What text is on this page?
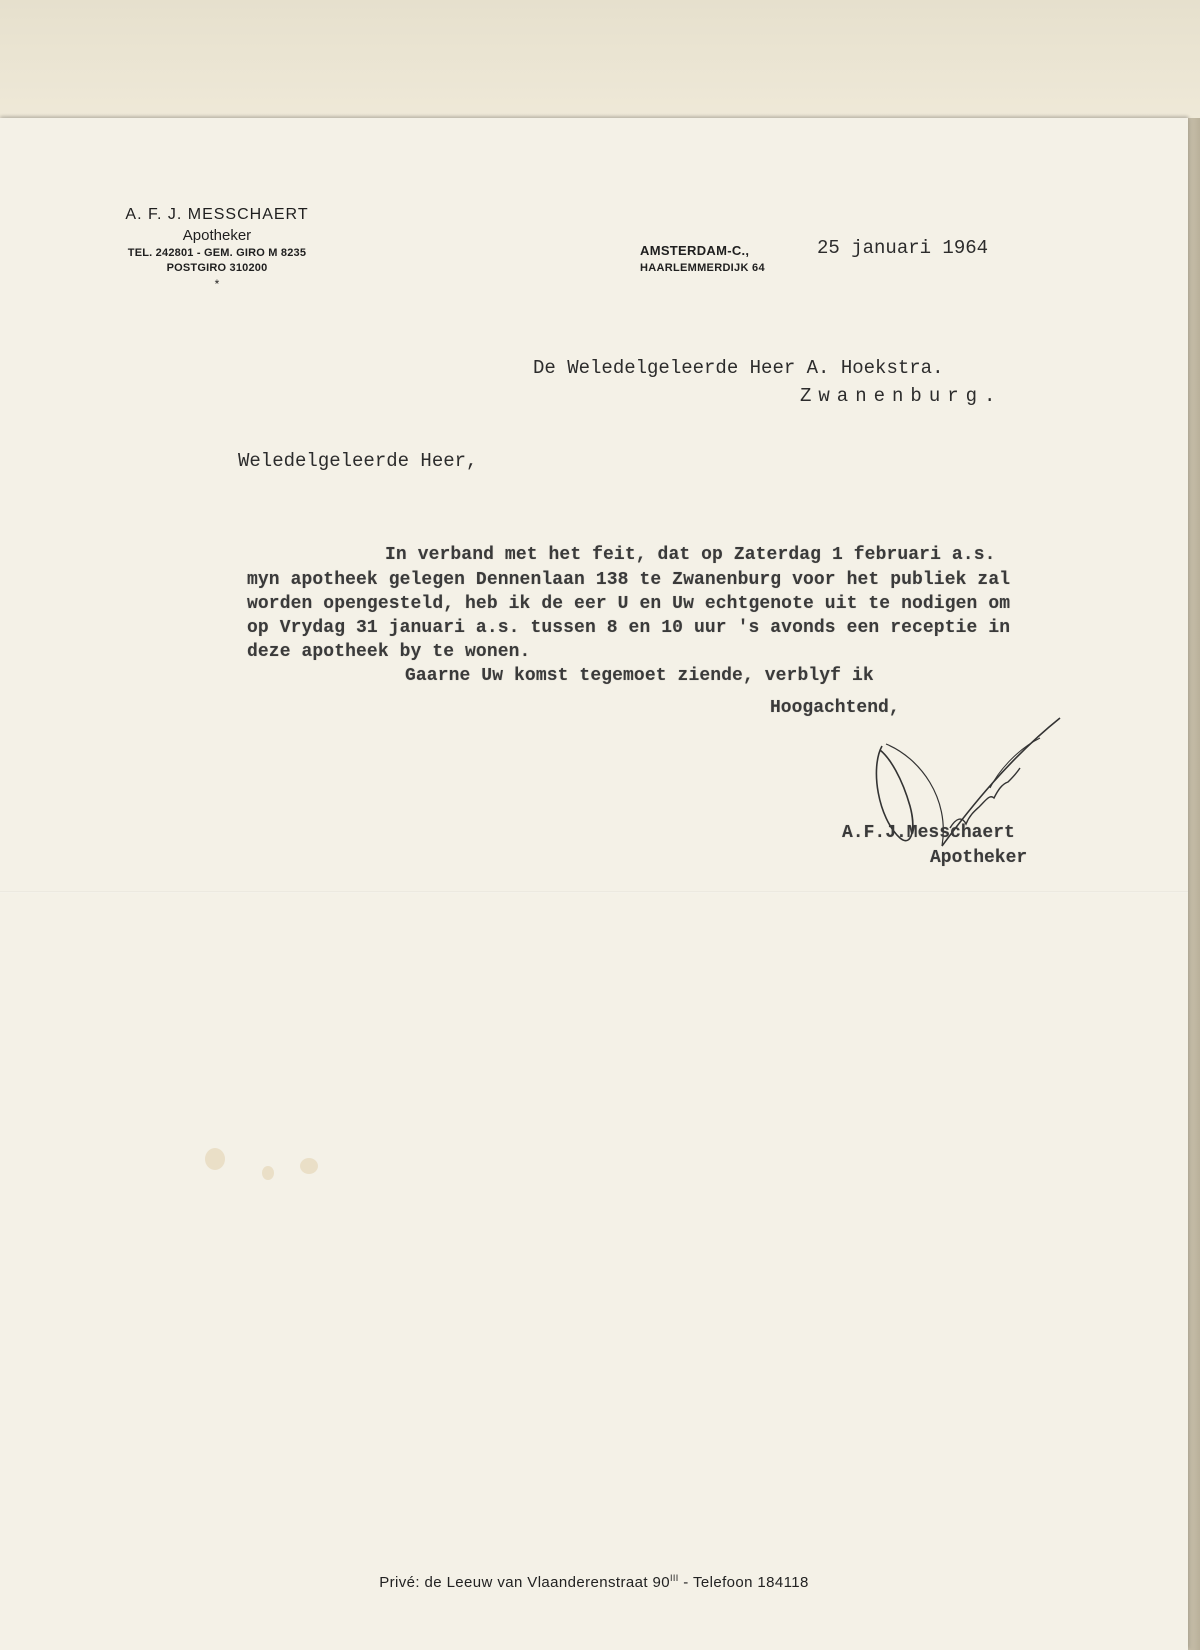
A. F. J. MESSCHAERT
Apotheker
TEL. 242801 - GEM. GIRO M 8235
POSTGIRO 310200
*
AMSTERDAM-C.,
HAARLEMMERDIJK 64
25 januari 1964
De Weledelgeleerde Heer A. Hoekstra.
Zwanenburg.
Weledelgeleerde Heer,
In verband met het feit, dat op Zaterdag 1 februari a.s.
myn apotheek gelegen Dennenlaan 138 te Zwanenburg voor het publiek zal
worden opengesteld, heb ik de eer U en Uw echtgenote uit te nodigen om
op Vrydag 31 januari a.s. tussen 8 en 10 uur 's avonds een receptie in
deze apotheek by te wonen.
Gaarne Uw komst tegemoet ziende, verblyf ik
Hoogachtend,
A.F.J.Messchaert
Apotheker
Privé: de Leeuw van Vlaanderenstraat $90^{III}$ - Telefoon 184118
